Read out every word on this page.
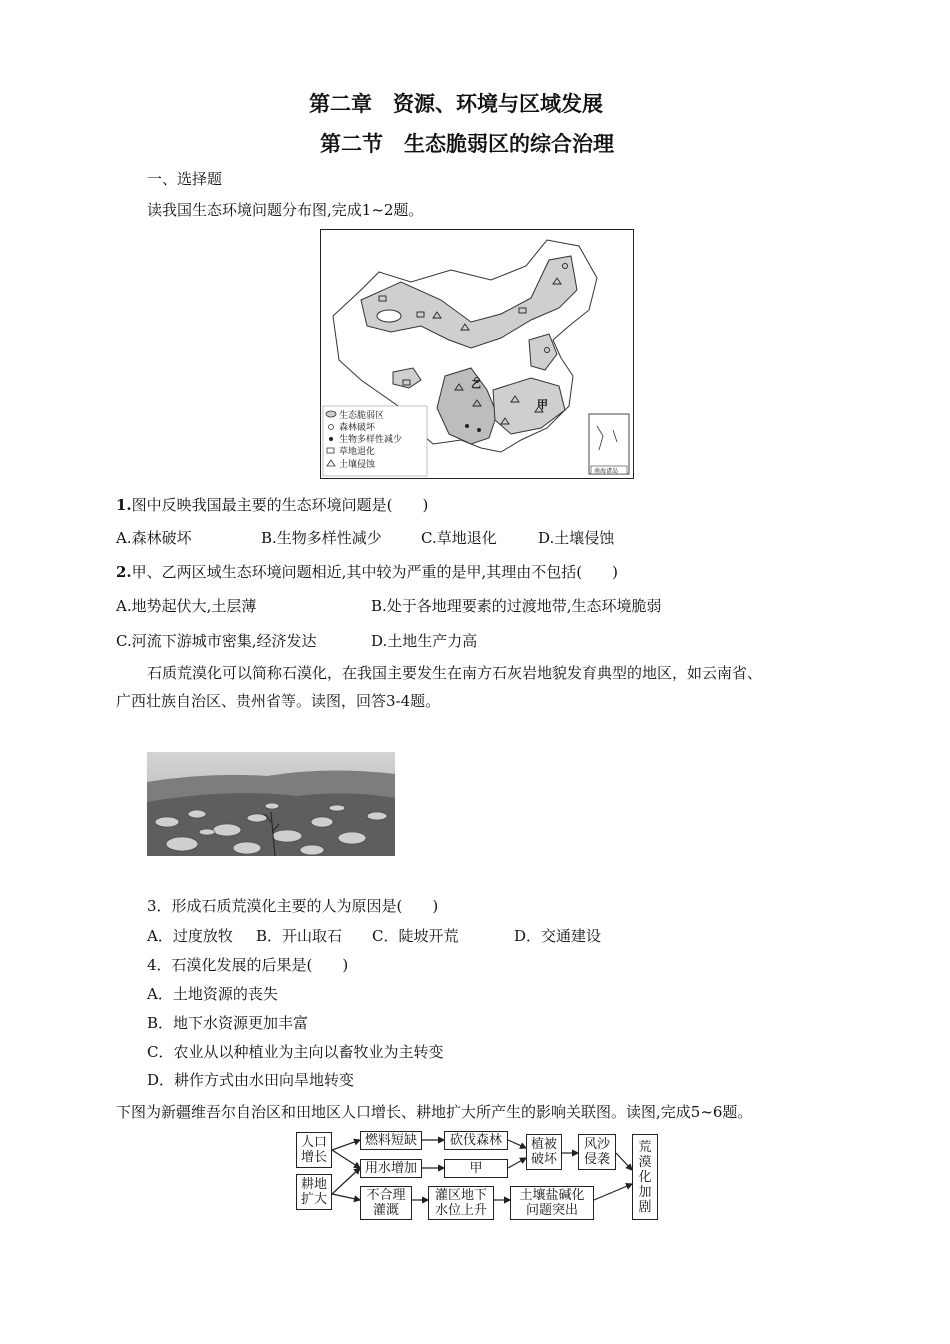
第二章　资源、环境与区域发展
第二节　生态脆弱区的综合治理
一、选择题
读我国生态环境问题分布图,完成1~2题。
甲
乙
南海诸岛
生态脆弱区
森林破坏
生物多样性减少
草地退化
土壤侵蚀
1.图中反映我国最主要的生态环境问题是(　　)
A.森林破坏	B.生物多样性减少	C.草地退化	D.土壤侵蚀
2.甲、乙两区域生态环境问题相近,其中较为严重的是甲,其理由不包括(　　)
A.地势起伏大,土层薄	B.处于各地理要素的过渡地带,生态环境脆弱
C.河流下游城市密集,经济发达	D.土地生产力高
石质荒漠化可以简称石漠化，在我国主要发生在南方石灰岩地貌发育典型的地区，如云南省、
广西壮族自治区、贵州省等。读图，回答3-4题。
3．形成石质荒漠化主要的人为原因是(　　)
A．过度放牧 B．开山取石 C．陡坡开荒	D．交通建设
4．石漠化发展的后果是(　　)
A．土地资源的丧失
B．地下水资源更加丰富
C．农业从以种植业为主向以畜牧业为主转变
D．耕作方式由水田向旱地转变
下图为新疆维吾尔自治区和田地区人口增长、耕地扩大所产生的影响关联图。读图,完成5~6题。
人口
增长
耕地
扩大
燃料短缺
用水增加
不合理
灌溉
砍伐森林
甲
灌区地下
水位上升
植被
破坏
土壤盐碱化
问题突出
风沙
侵袭
荒
漠
化
加
剧
